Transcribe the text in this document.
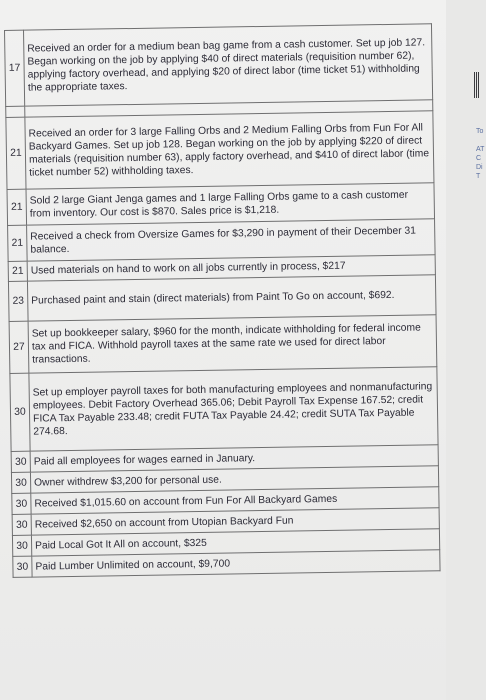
17	Received an order for a medium bean bag game from a cash customer. Set up job 127. Began working on the job by applying $40 of direct materials (requisition number 62), applying factory overhead, and applying $20 of direct labor (time ticket 51) withholding the appropriate taxes.

21	Received an order for 3 large Falling Orbs and 2 Medium Falling Orbs from Fun For All Backyard Games. Set up job 128. Began working on the job by applying $220 of direct materials (requisition number 63), apply factory overhead, and $410 of direct labor (time ticket number 52) withholding taxes.
21	Sold 2 large Giant Jenga games and 1 large Falling Orbs game to a cash customer from inventory. Our cost is $870. Sales price is $1,218.
21	Received a check from Oversize Games for $3,290 in payment of their December 31 balance.
21	Used materials on hand to work on all jobs currently in process, $217
23	Purchased paint and stain (direct materials) from Paint To Go on account, $692.
27	Set up bookkeeper salary, $960 for the month, indicate withholding for federal income tax and FICA. Withhold payroll taxes at the same rate we used for direct labor transactions.
30	Set up employer payroll taxes for both manufacturing employees and nonmanufacturing employees. Debit Factory Overhead 365.06; Debit Payroll Tax Expense 167.52; credit FICA Tax Payable 233.48; credit FUTA Tax Payable 24.42; credit SUTA Tax Payable 274.68.
30	Paid all employees for wages earned in January.
30	Owner withdrew $3,200 for personal use.
30	Received $1,015.60 on account from Fun For All Backyard Games
30	Received $2,650 on account from Utopian Backyard Fun
30	Paid Local Got It All on account, $325
30	Paid Lumber Unlimited on account, $9,700
To
AT
C
Di
T
